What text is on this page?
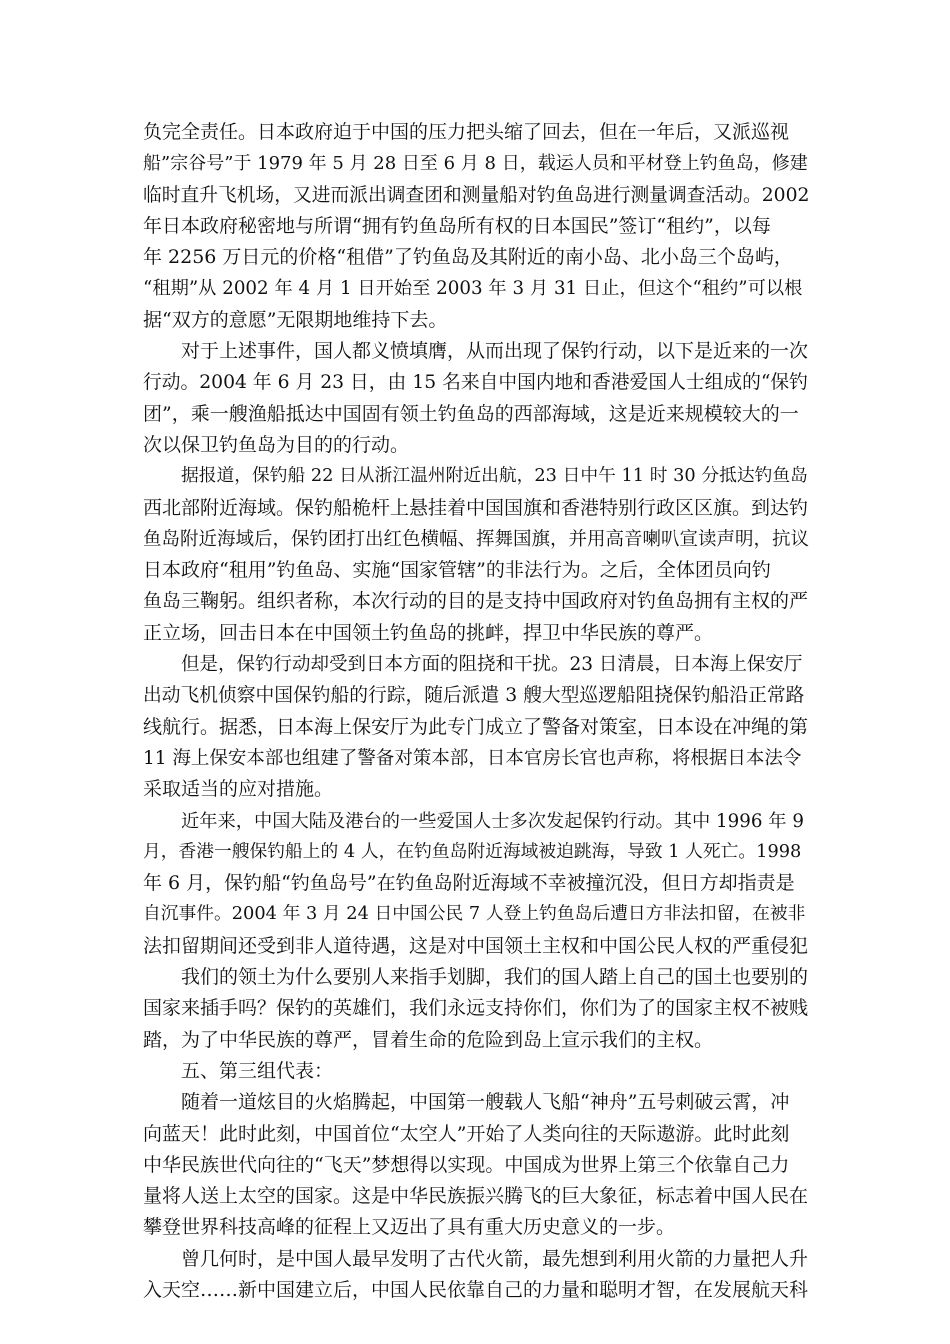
负完全责任。日本政府迫于中国的压力把头缩了回去，但在一年后，又派巡视
船”宗谷号”于 1979 年 5 月 28 日至 6 月 8 日，载运人员和平材登上钓鱼岛，修建
临时直升飞机场，又进而派出调查团和测量船对钓鱼岛进行测量调查活动。2002
年日本政府秘密地与所谓“拥有钓鱼岛所有权的日本国民”签订“租约”，以每
年 2256 万日元的价格“租借”了钓鱼岛及其附近的南小岛、北小岛三个岛屿，
“租期”从 2002 年 4 月 1 日开始至 2003 年 3 月 31 日止，但这个“租约”可以根
据“双方的意愿”无限期地维持下去。
对于上述事件，国人都义愤填膺，从而出现了保钓行动，以下是近来的一次
行动。2004 年 6 月 23 日，由 15 名来自中国内地和香港爱国人士组成的“保钓
团”，乘一艘渔船抵达中国固有领土钓鱼岛的西部海域，这是近来规模较大的一
次以保卫钓鱼岛为目的的行动。
据报道，保钓船 22 日从浙江温州附近出航，23 日中午 11 时 30 分抵达钓鱼岛
西北部附近海域。保钓船桅杆上悬挂着中国国旗和香港特别行政区区旗。到达钓
鱼岛附近海域后，保钓团打出红色横幅、挥舞国旗，并用高音喇叭宣读声明，抗议
日本政府“租用”钓鱼岛、实施“国家管辖”的非法行为。之后，全体团员向钓
鱼岛三鞠躬。组织者称，本次行动的目的是支持中国政府对钓鱼岛拥有主权的严
正立场，回击日本在中国领土钓鱼岛的挑衅，捍卫中华民族的尊严。
但是，保钓行动却受到日本方面的阻挠和干扰。23 日清晨，日本海上保安厅
出动飞机侦察中国保钓船的行踪，随后派遣 3 艘大型巡逻船阻挠保钓船沿正常路
线航行。据悉，日本海上保安厅为此专门成立了警备对策室，日本设在冲绳的第
11 海上保安本部也组建了警备对策本部，日本官房长官也声称，将根据日本法令
采取适当的应对措施。
近年来，中国大陆及港台的一些爱国人士多次发起保钓行动。其中 1996 年 9
月，香港一艘保钓船上的 4 人，在钓鱼岛附近海域被迫跳海，导致 1 人死亡。1998
年 6 月，保钓船“钓鱼岛号”在钓鱼岛附近海域不幸被撞沉没，但日方却指责是
自沉事件。2004 年 3 月 24 日中国公民 7 人登上钓鱼岛后遭日方非法扣留，在被非
法扣留期间还受到非人道待遇，这是对中国领土主权和中国公民人权的严重侵犯
我们的领土为什么要别人来指手划脚，我们的国人踏上自己的国土也要别的
国家来插手吗？保钓的英雄们，我们永远支持你们，你们为了的国家主权不被贱
踏，为了中华民族的尊严，冒着生命的危险到岛上宣示我们的主权。
五、第三组代表：
随着一道炫目的火焰腾起，中国第一艘载人飞船“神舟”五号刺破云霄，冲
向蓝天！此时此刻，中国首位“太空人”开始了人类向往的天际遨游。此时此刻
中华民族世代向往的“飞天”梦想得以实现。中国成为世界上第三个依靠自己力
量将人送上太空的国家。这是中华民族振兴腾飞的巨大象征，标志着中国人民在
攀登世界科技高峰的征程上又迈出了具有重大历史意义的一步。
曾几何时，是中国人最早发明了古代火箭，最先想到利用火箭的力量把人升
入天空……新中国建立后，中国人民依靠自己的力量和聪明才智，在发展航天科
